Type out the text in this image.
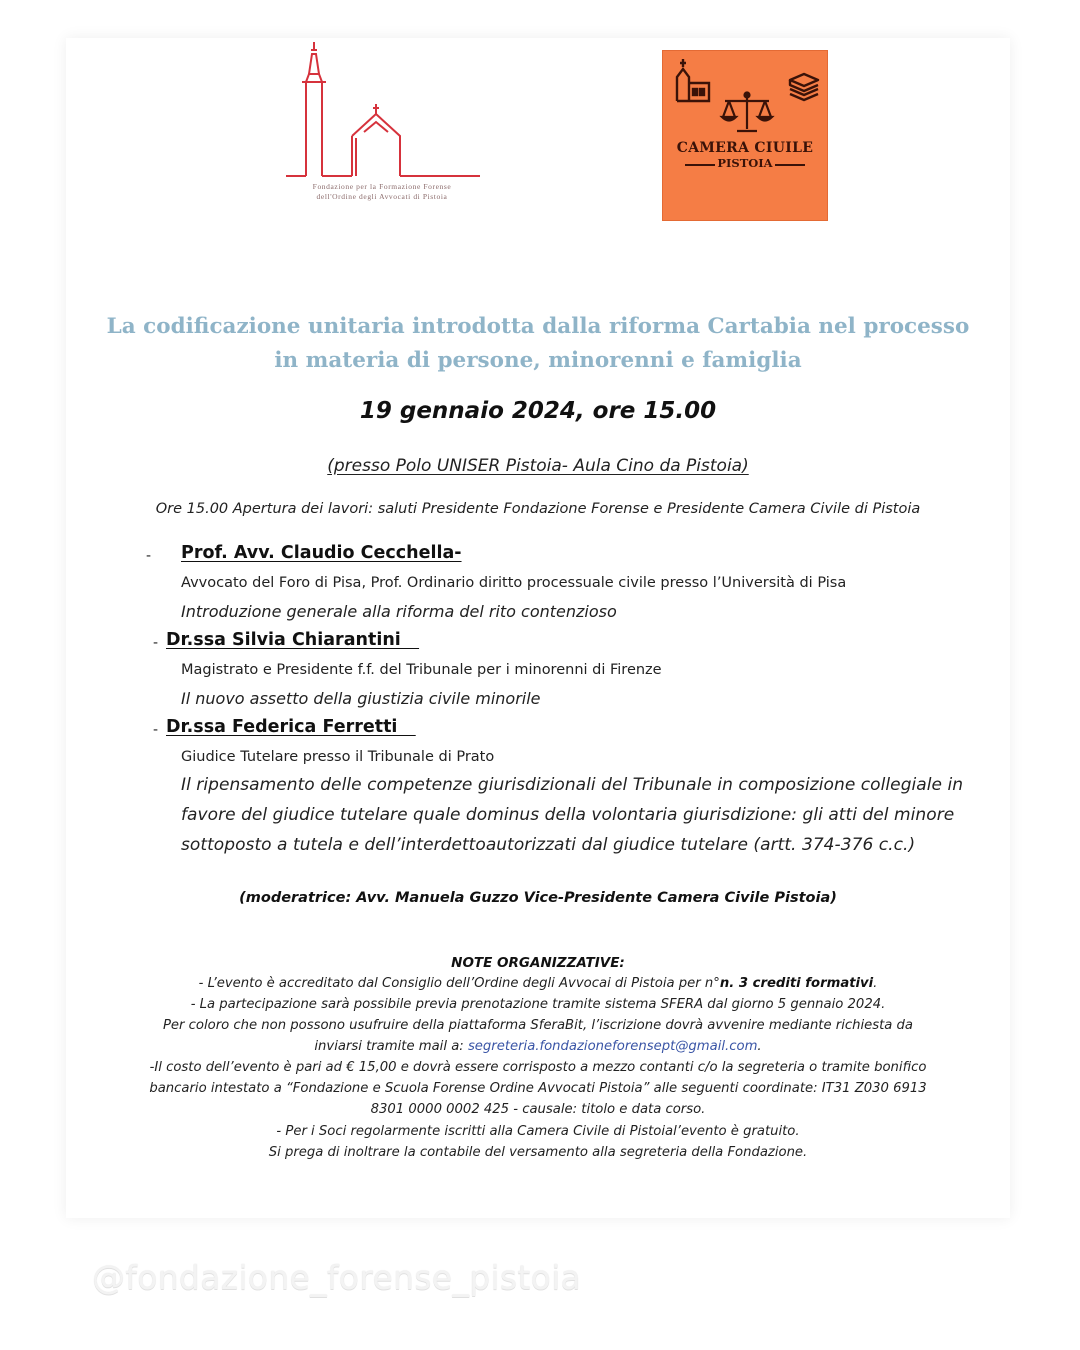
Fondazione per la Formazione Forense
dell'Ordine degli Avvocati di Pistoia
CAMERA CIUILE
PISTOIA
La codificazione unitaria introdotta dalla riforma Cartabia nel processo
in materia di persone, minorenni e famiglia
19 gennaio 2024, ore 15.00
(presso Polo UNISER Pistoia- Aula Cino da Pistoia)
Ore 15.00 Apertura dei lavori: saluti Presidente Fondazione Forense e Presidente Camera Civile di Pistoia
- Prof. Avv. Claudio Cecchella-
Avvocato del Foro di Pisa, Prof. Ordinario diritto processuale civile presso l’Università di Pisa
Introduzione generale alla riforma del rito contenzioso
- Dr.ssa Silvia Chiarantini
Magistrato e Presidente f.f. del Tribunale per i minorenni di Firenze
Il nuovo assetto della giustizia civile minorile
- Dr.ssa Federica Ferretti
Giudice Tutelare presso il Tribunale di Prato
Il ripensamento delle competenze giurisdizionali del Tribunale in composizione collegiale in
favore del giudice tutelare quale dominus della volontaria giurisdizione: gli atti del minore
sottoposto a tutela e dell’interdettoautorizzati dal giudice tutelare (artt. 374-376 c.c.)
(moderatrice: Avv. Manuela Guzzo Vice-Presidente Camera Civile Pistoia)
NOTE ORGANIZZATIVE:
- L’evento è accreditato dal Consiglio dell’Ordine degli Avvocai di Pistoia per n°n. 3 crediti formativi.
- La partecipazione sarà possibile previa prenotazione tramite sistema SFERA dal giorno 5 gennaio 2024.
Per coloro che non possono usufruire della piattaforma SferaBit, l’iscrizione dovrà avvenire mediante richiesta da
inviarsi tramite mail a: segreteria.fondazioneforensept@gmail.com.
-Il costo dell’evento è pari ad € 15,00 e dovrà essere corrisposto a mezzo contanti c/o la segreteria o tramite bonifico
bancario intestato a “Fondazione e Scuola Forense Ordine Avvocati Pistoia” alle seguenti coordinate: IT31 Z030 6913
8301 0000 0002 425 - causale: titolo e data corso.
- Per i Soci regolarmente iscritti alla Camera Civile di Pistoial’evento è gratuito.
Si prega di inoltrare la contabile del versamento alla segreteria della Fondazione.
@fondazione_forense_pistoia
